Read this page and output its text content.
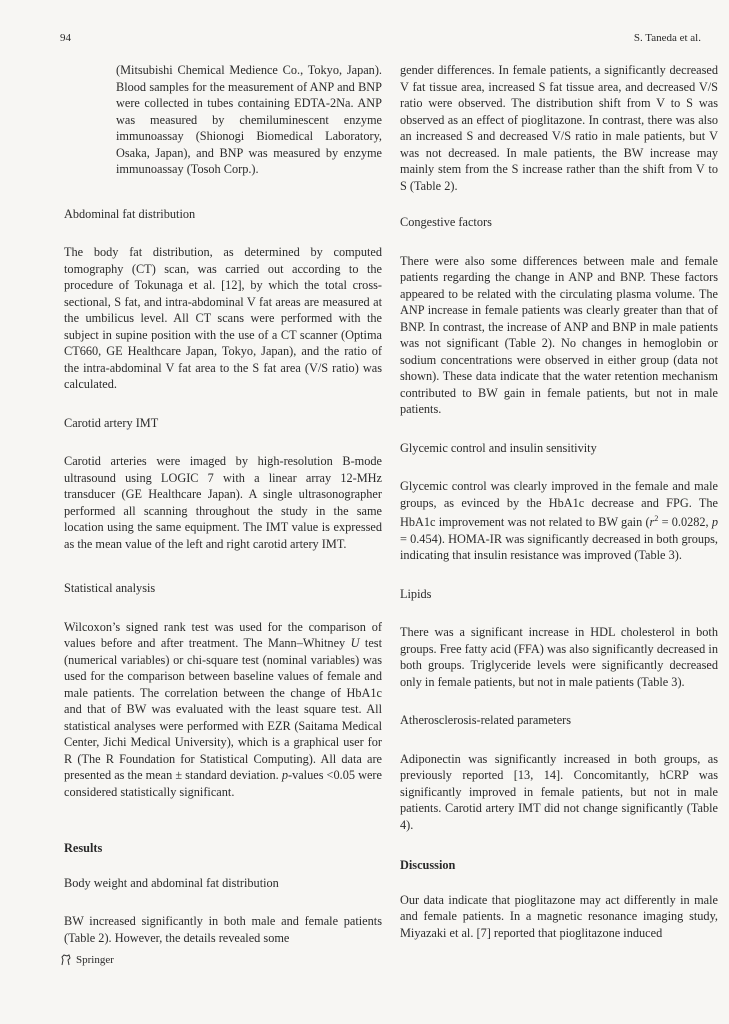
94	S. Taneda et al.

(Mitsubishi Chemical Medience Co., Tokyo, Japan). Blood samples for the measurement of ANP and BNP were collected in tubes containing EDTA-2Na. ANP was measured by chemiluminescent enzyme immunoassay (Shionogi Biomedical Laboratory, Osaka, Japan), and BNP was measured by enzyme immunoassay (Tosoh Corp.).

Abdominal fat distribution

The body fat distribution, as determined by computed tomography (CT) scan, was carried out according to the procedure of Tokunaga et al. [12], by which the total cross-sectional, S fat, and intra-abdominal V fat areas are measured at the umbilicus level. All CT scans were performed with the subject in supine position with the use of a CT scanner (Optima CT660, GE Healthcare Japan, Tokyo, Japan), and the ratio of the intra-abdominal V fat area to the S fat area (V/S ratio) was calculated.

Carotid artery IMT

Carotid arteries were imaged by high-resolution B-mode ultrasound using LOGIC 7 with a linear array 12-MHz transducer (GE Healthcare Japan). A single ultrasonographer performed all scanning throughout the study in the same location using the same equipment. The IMT value is expressed as the mean value of the left and right carotid artery IMT.

Statistical analysis

Wilcoxon’s signed rank test was used for the comparison of values before and after treatment. The Mann–Whitney U test (numerical variables) or chi-square test (nominal variables) was used for the comparison between baseline values of female and male patients. The correlation between the change of HbA1c and that of BW was evaluated with the least square test. All statistical analyses were performed with EZR (Saitama Medical Center, Jichi Medical University), which is a graphical user for R (The R Foundation for Statistical Computing). All data are presented as the mean ± standard deviation. p-values <0.05 were considered statistically significant.

Results
Body weight and abdominal fat distribution

BW increased significantly in both male and female patients (Table 2). However, the details revealed some

gender differences. In female patients, a significantly decreased V fat tissue area, increased S fat tissue area, and decreased V/S ratio were observed. The distribution shift from V to S was observed as an effect of pioglitazone. In contrast, there was also an increased S and decreased V/S ratio in male patients, but V was not decreased. In male patients, the BW increase may mainly stem from the S increase rather than the shift from V to S (Table 2).

Congestive factors

There were also some differences between male and female patients regarding the change in ANP and BNP. These factors appeared to be related with the circulating plasma volume. The ANP increase in female patients was clearly greater than that of BNP. In contrast, the increase of ANP and BNP in male patients was not significant (Table 2). No changes in hemoglobin or sodium concentrations were observed in either group (data not shown). These data indicate that the water retention mechanism contributed to BW gain in female patients, but not in male patients.

Glycemic control and insulin sensitivity

Glycemic control was clearly improved in the female and male groups, as evinced by the HbA1c decrease and FPG. The HbA1c improvement was not related to BW gain ($r^2 = 0.0282$, p = 0.454). HOMA-IR was significantly decreased in both groups, indicating that insulin resistance was improved (Table 3).

Lipids

There was a significant increase in HDL cholesterol in both groups. Free fatty acid (FFA) was also significantly decreased in both groups. Triglyceride levels were significantly decreased only in female patients, but not in male patients (Table 3).

Atherosclerosis-related parameters

Adiponectin was significantly increased in both groups, as previously reported [13, 14]. Concomitantly, hCRP was significantly improved in female patients, but not in male patients. Carotid artery IMT did not change significantly (Table 4).

Discussion

Our data indicate that pioglitazone may act differently in male and female patients. In a magnetic resonance imaging study, Miyazaki et al. [7] reported that pioglitazone induced

Springer
